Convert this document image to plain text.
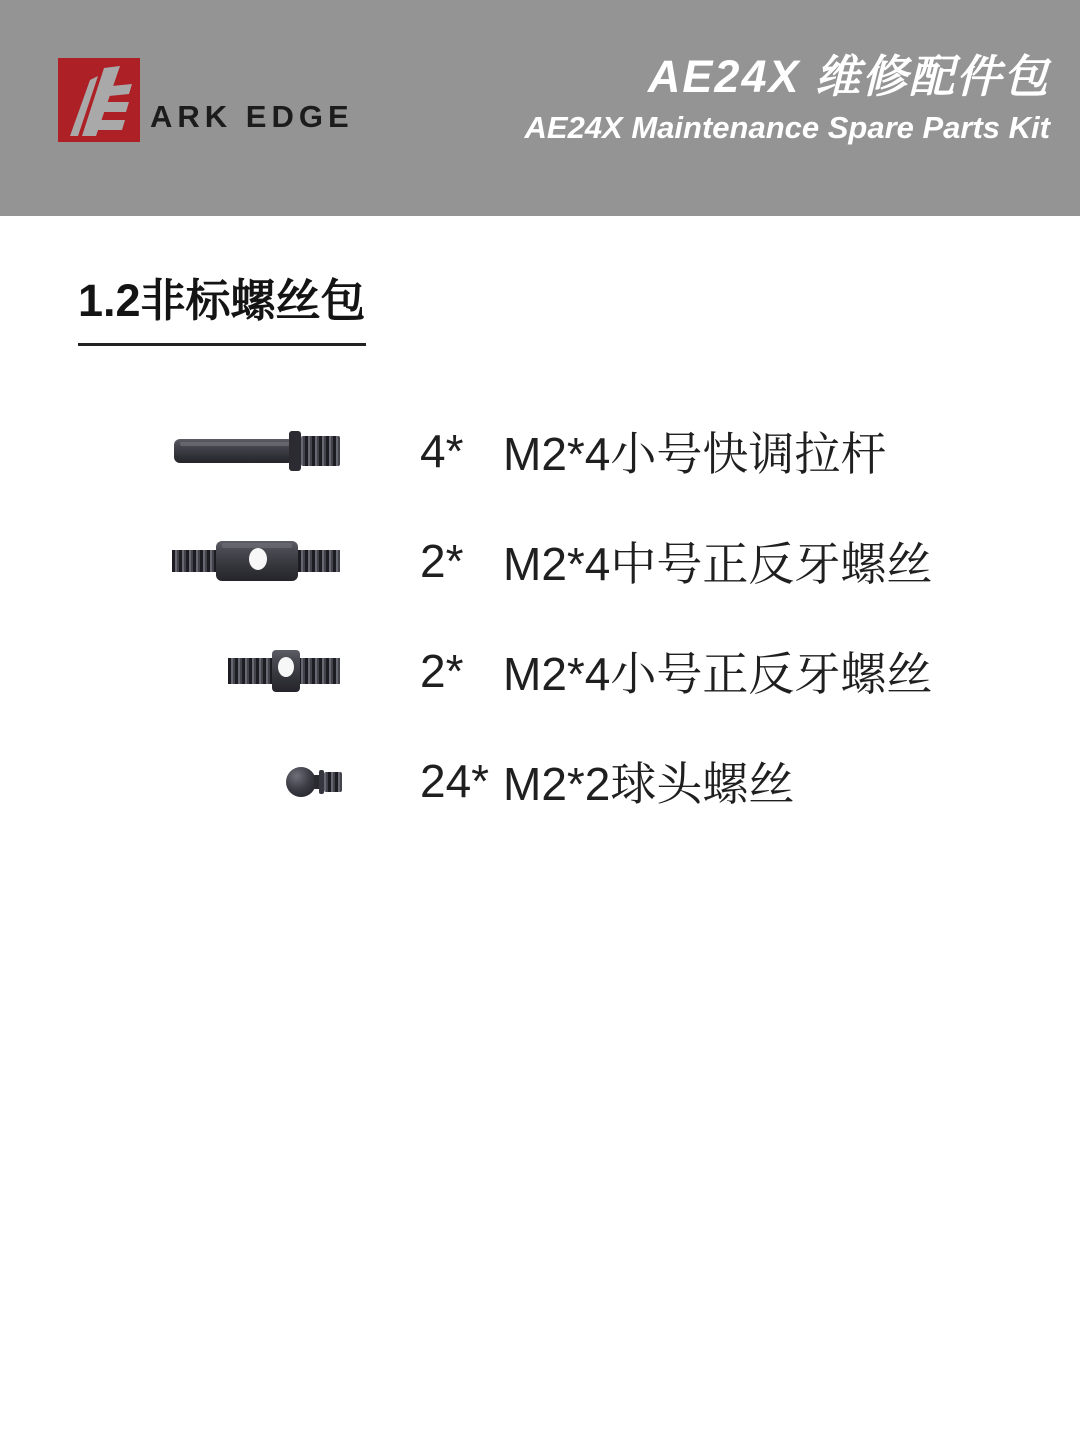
ARK EDGE
AE24X 维修配件包
AE24X Maintenance Spare Parts Kit
1.2非标螺丝包
4* M2*4小号快调拉杆
2* M2*4中号正反牙螺丝
2* M2*4小号正反牙螺丝
24* M2*2球头螺丝
